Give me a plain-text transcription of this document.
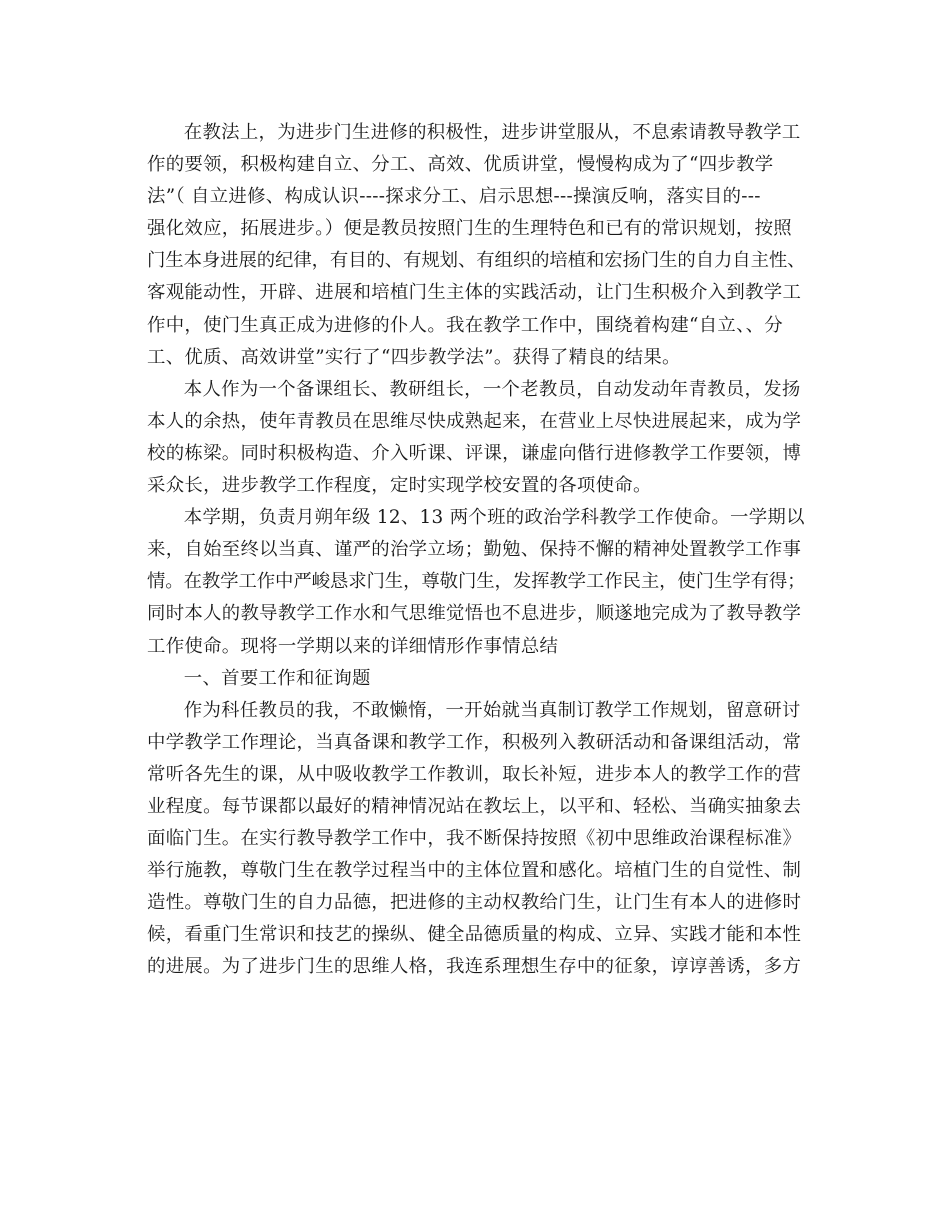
在教法上，为进步门生进修的积极性，进步讲堂服从，不息索请教导教学工

作的要领，积极构建自立、分工、高效、优质讲堂，慢慢构成为了“四步教学

法”（ 自立进修、构成认识----探求分工、启示思想---操演反响，落实目的---

强化效应，拓展进步。）便是教员按照门生的生理特色和已有的常识规划，按照

门生本身进展的纪律，有目的、有规划、有组织的培植和宏扬门生的自力自主性、

客观能动性，开辟、进展和培植门生主体的实践活动，让门生积极介入到教学工

作中，使门生真正成为进修的仆人。我在教学工作中，围绕着构建“自立、、分

工、优质、高效讲堂”实行了“四步教学法”。获得了精良的结果。

本人作为一个备课组长、教研组长，一个老教员，自动发动年青教员，发扬

本人的余热，使年青教员在思维尽快成熟起来，在营业上尽快进展起来，成为学

校的栋梁。同时积极构造、介入听课、评课，谦虚向偕行进修教学工作要领，博

采众长，进步教学工作程度，定时实现学校安置的各项使命。

本学期，负责月朔年级 12、13 两个班的政治学科教学工作使命。一学期以

来，自始至终以当真、谨严的治学立场；勤勉、保持不懈的精神处置教学工作事

情。在教学工作中严峻恳求门生，尊敬门生，发挥教学工作民主，使门生学有得；

同时本人的教导教学工作水和气思维觉悟也不息进步，顺遂地完成为了教导教学

工作使命。现将一学期以来的详细情形作事情总结

一、首要工作和征询题

作为科任教员的我，不敢懒惰，一开始就当真制订教学工作规划，留意研讨

中学教学工作理论，当真备课和教学工作，积极列入教研活动和备课组活动，常

常听各先生的课，从中吸收教学工作教训，取长补短，进步本人的教学工作的营

业程度。每节课都以最好的精神情况站在教坛上，以平和、轻松、当确实抽象去

面临门生。在实行教导教学工作中，我不断保持按照《初中思维政治课程标准》

举行施教，尊敬门生在教学过程当中的主体位置和感化。培植门生的自觉性、制

造性。尊敬门生的自力品德，把进修的主动权教给门生，让门生有本人的进修时

候，看重门生常识和技艺的操纵、健全品德质量的构成、立异、实践才能和本性

的进展。为了进步门生的思维人格，我连系理想生存中的征象，谆谆善诱，多方
